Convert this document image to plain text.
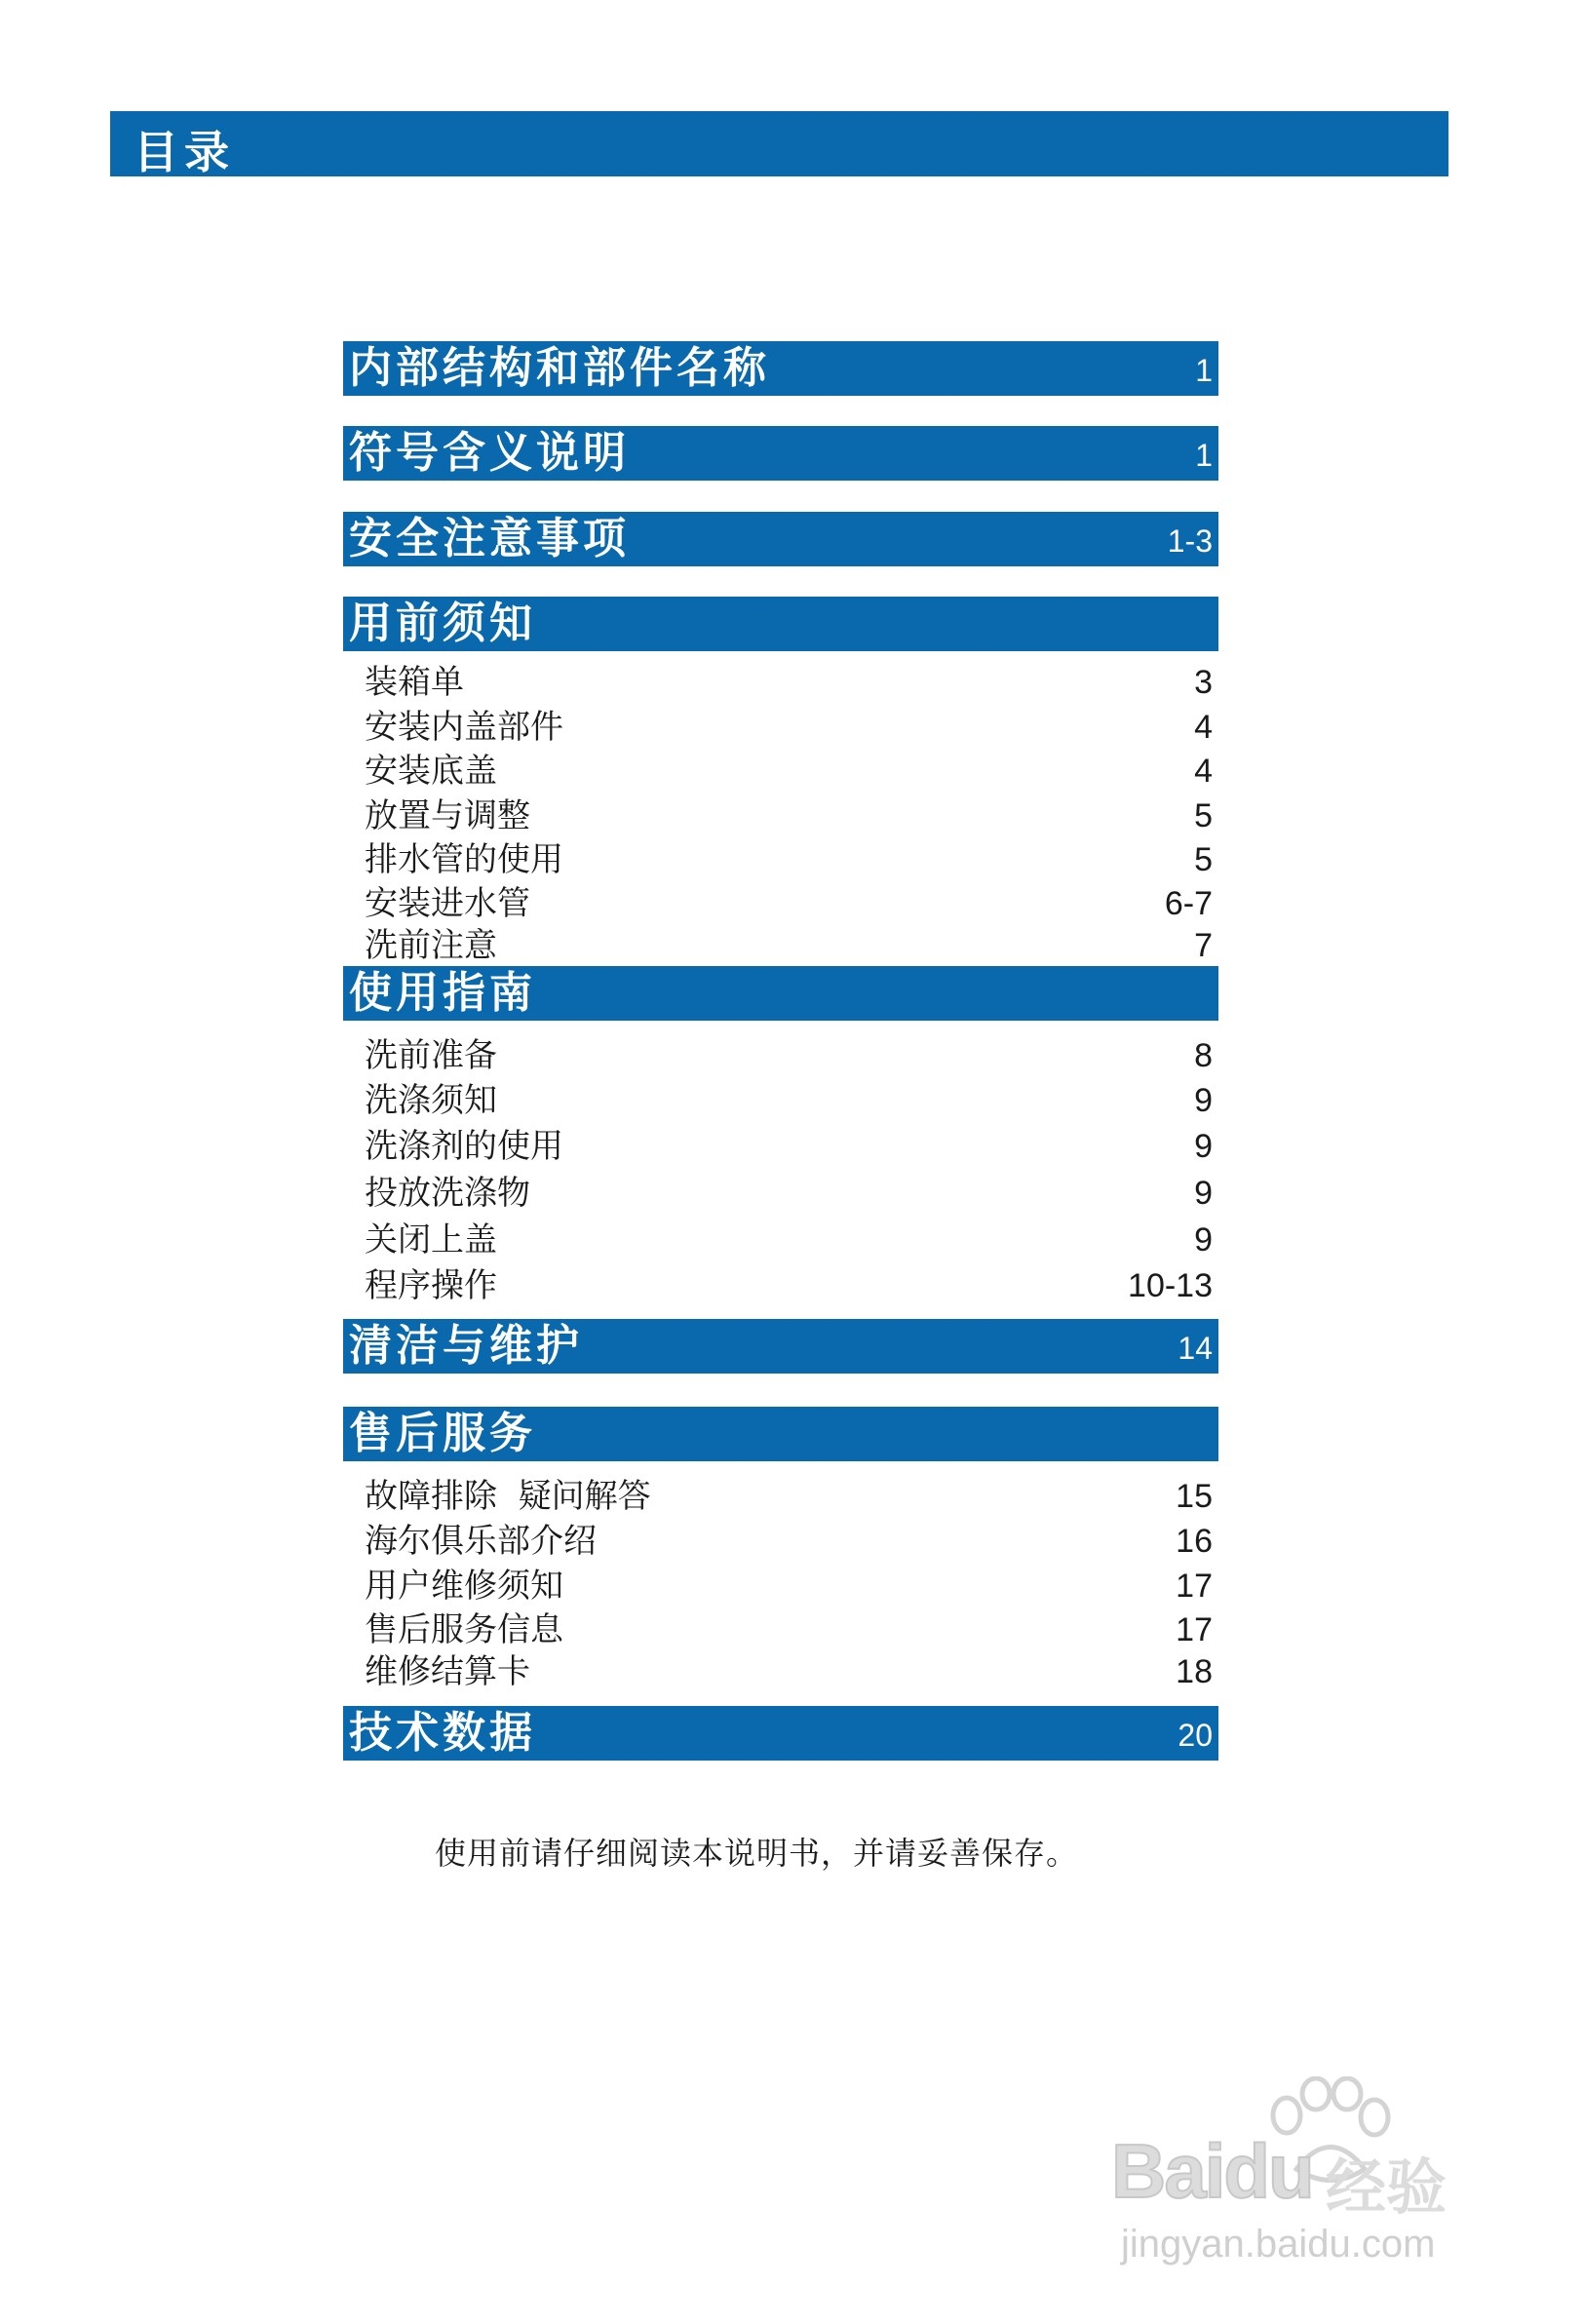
目录
内部结构和部件名称	1
符号含义说明	1
安全注意事项	1-3
用前须知
装箱单	3
安装内盖部件	4
安装底盖	4
放置与调整	5
排水管的使用	5
安装进水管	6-7
洗前注意	7
使用指南
洗前准备	8
洗涤须知	9
洗涤剂的使用	9
投放洗涤物	9
关闭上盖	9
程序操作	10-13
清洁与维护	14
售后服务
故障排除  疑问解答	15
海尔俱乐部介绍	16
用户维修须知	17
售后服务信息	17
维修结算卡	18
技术数据	20
使用前请仔细阅读本说明书，并请妥善保存。
Baidu 经验
jingyan.baidu.com
